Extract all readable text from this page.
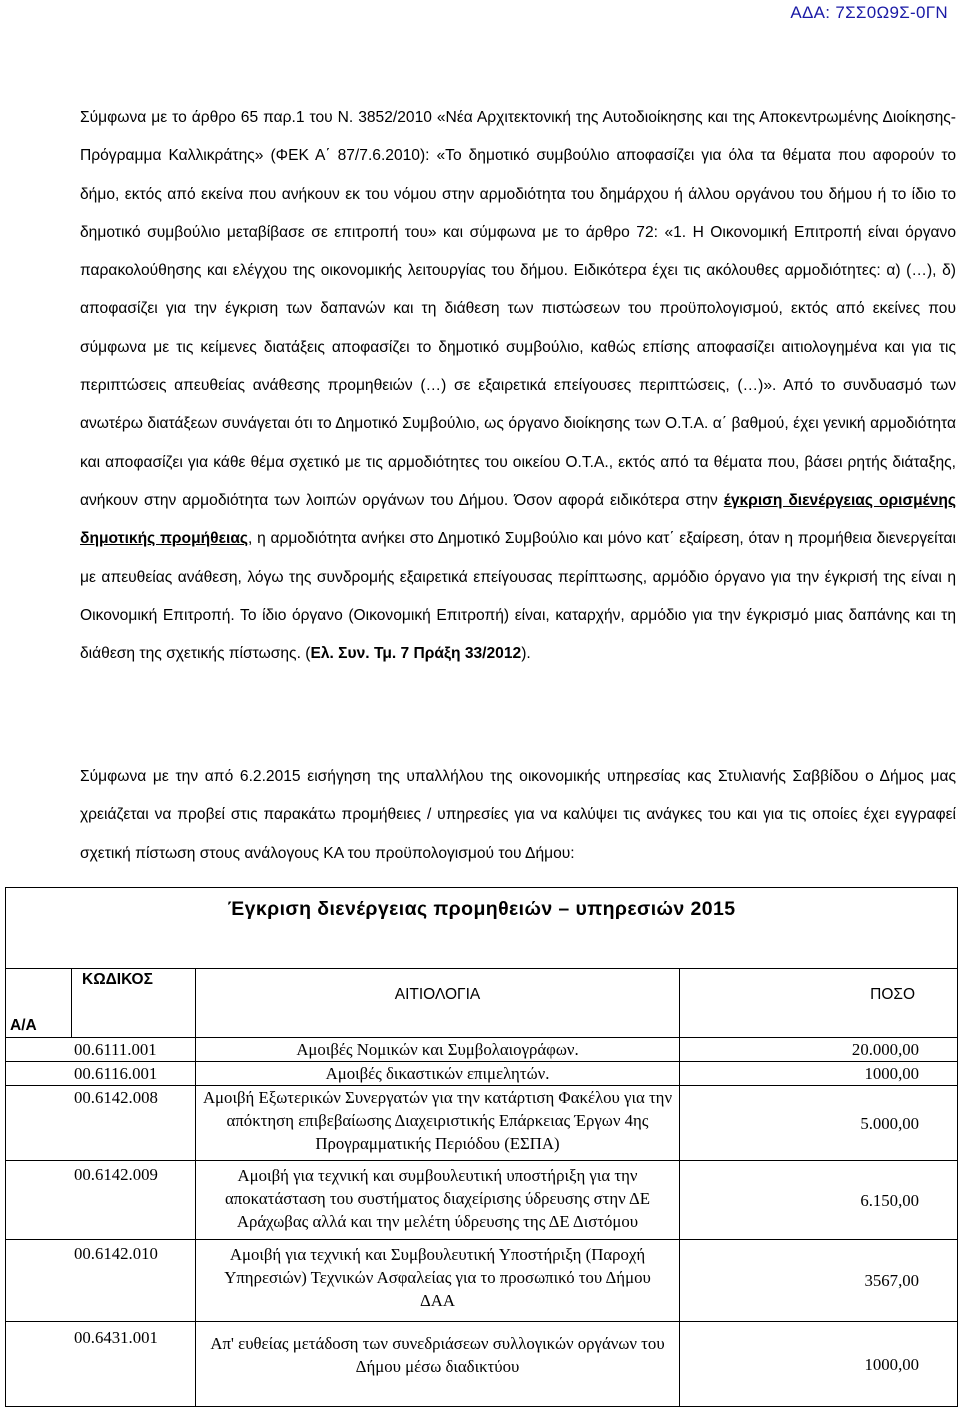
ΑΔΑ: 7ΣΣ0Ω9Σ-0ΓΝ
Σύμφωνα με το άρθρο 65 παρ.1 του Ν. 3852/2010 «Νέα Αρχιτεκτονική της Αυτοδιοίκησης και της Αποκεντρωμένης Διοίκησης-Πρόγραμμα Καλλικράτης» (ΦΕΚ Α΄ 87/7.6.2010): «Το δημοτικό συμβούλιο αποφασίζει για όλα τα θέματα που αφορούν το δήμο, εκτός από εκείνα που ανήκουν εκ του νόμου στην αρμοδιότητα του δημάρχου ή άλλου οργάνου του δήμου ή το ίδιο το δημοτικό συμβούλιο μεταβίβασε σε επιτροπή του» και σύμφωνα με το άρθρο 72: «1. Η Οικονομική Επιτροπή είναι όργανο παρακολούθησης και ελέγχου της οικονομικής λειτουργίας του δήμου. Ειδικότερα έχει τις ακόλουθες αρμοδιότητες: α) (…), δ) αποφασίζει για την έγκριση των δαπανών και τη διάθεση των πιστώσεων του προϋπολογισμού, εκτός από εκείνες που σύμφωνα με τις κείμενες διατάξεις αποφασίζει το δημοτικό συμβούλιο, καθώς επίσης αποφασίζει αιτιολογημένα και για τις περιπτώσεις απευθείας ανάθεσης προμηθειών (…) σε εξαιρετικά επείγουσες περιπτώσεις, (…)». Από το συνδυασμό των ανωτέρω διατάξεων συνάγεται ότι το Δημοτικό Συμβούλιο, ως όργανο διοίκησης των Ο.Τ.Α. α΄ βαθμού, έχει γενική αρμοδιότητα και αποφασίζει για κάθε θέμα σχετικό με τις αρμοδιότητες του οικείου Ο.Τ.Α., εκτός από τα θέματα που, βάσει ρητής διάταξης, ανήκουν στην αρμοδιότητα των λοιπών οργάνων του Δήμου. Όσον αφορά ειδικότερα στην έγκριση διενέργειας ορισμένης δημοτικής προμήθειας, η αρμοδιότητα ανήκει στο Δημοτικό Συμβούλιο και μόνο κατ΄ εξαίρεση, όταν η προμήθεια διενεργείται με απευθείας ανάθεση, λόγω της συνδρομής εξαιρετικά επείγουσας περίπτωσης, αρμόδιο όργανο για την έγκρισή της είναι η Οικονομική Επιτροπή. Το ίδιο όργανο (Οικονομική Επιτροπή) είναι, καταρχήν, αρμόδιο για την έγκρισμό μιας δαπάνης και τη διάθεση της σχετικής πίστωσης. (Ελ. Συν. Τμ. 7 Πράξη 33/2012).
Σύμφωνα με την από 6.2.2015 εισήγηση της υπαλλήλου της οικονομικής υπηρεσίας κας Στυλιανής Σαββίδου ο Δήμος μας χρειάζεται να προβεί στις παρακάτω προμήθειες / υπηρεσίες για να καλύψει τις ανάγκες του και για τις οποίες έχει εγγραφεί σχετική πίστωση στους ανάλογους ΚΑ του προϋπολογισμού του Δήμου:
Έγκριση διενέργειας προμηθειών – υπηρεσιών 2015			

Α/Α	ΚΩΔΙΚΟΣ	ΑΙΤΙΟΛΟΓΙΑ	ΠΟΣΟ
00.6111.001		Αμοιβές Νομικών και Συμβολαιογράφων.	20.000,00
00.6116.001		Αμοιβές δικαστικών επιμελητών.	1000,00
00.6142.008		Αμοιβή Εξωτερικών Συνεργατών για την κατάρτιση Φακέλου για την απόκτηση επιβεβαίωσης Διαχειριστικής Επάρκειας Έργων 4ης Προγραμματικής Περιόδου (ΕΣΠΑ)	5.000,00
00.6142.009		Αμοιβή για τεχνική και συμβουλευτική υποστήριξη για την αποκατάσταση του συστήματος διαχείρισης ύδρευσης στην ΔΕ Αράχωβας αλλά και την μελέτη ύδρευσης της ΔΕ Διστόμου	6.150,00
00.6142.010		Αμοιβή για τεχνική και Συμβουλευτική Υποστήριξη (Παροχή Υπηρεσιών) Τεχνικών Ασφαλείας για το προσωπικό του Δήμου ΔΑΑ	3567,00
00.6431.001		Απ' ευθείας μετάδοση των συνεδριάσεων συλλογικών οργάνων του Δήμου μέσω διαδικτύου	1000,00
